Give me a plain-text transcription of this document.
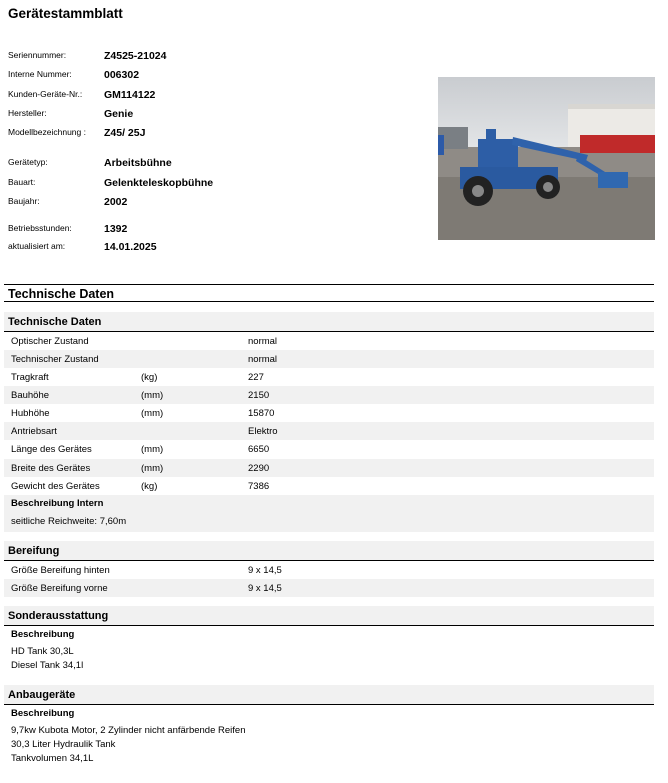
Gerätestammblatt
Seriennummer:	Z4525-21024
Interne Nummer:	006302
Kunden-Geräte-Nr.:	GM114122
Hersteller:	Genie
Modellbezeichnung :	Z45/ 25J
Gerätetyp:	Arbeitsbühne
Bauart:	Gelenkteleskopbühne
Baujahr:	2002
Betriebsstunden:	1392
aktualisiert am:	14.01.2025
Technische Daten
Technische Daten
Optischer Zustand	normal
Technischer Zustand	normal
Tragkraft	(kg)	227
Bauhöhe	(mm)	2150
Hubhöhe	(mm)	15870
Antriebsart	Elektro
Länge des Gerätes	(mm)	6650
Breite des Gerätes	(mm)	2290
Gewicht des Gerätes	(kg)	7386
Beschreibung Intern
seitliche Reichweite: 7,60m
Bereifung
Größe Bereifung hinten	9 x 14,5
Größe Bereifung vorne	9 x 14,5
Sonderausstattung
Beschreibung
HD Tank 30,3L
Diesel Tank 34,1l
Anbaugeräte
Beschreibung
9,7kw Kubota Motor, 2 Zylinder nicht anfärbende Reifen
30,3 Liter Hydraulik Tank
Tankvolumen 34,1L
